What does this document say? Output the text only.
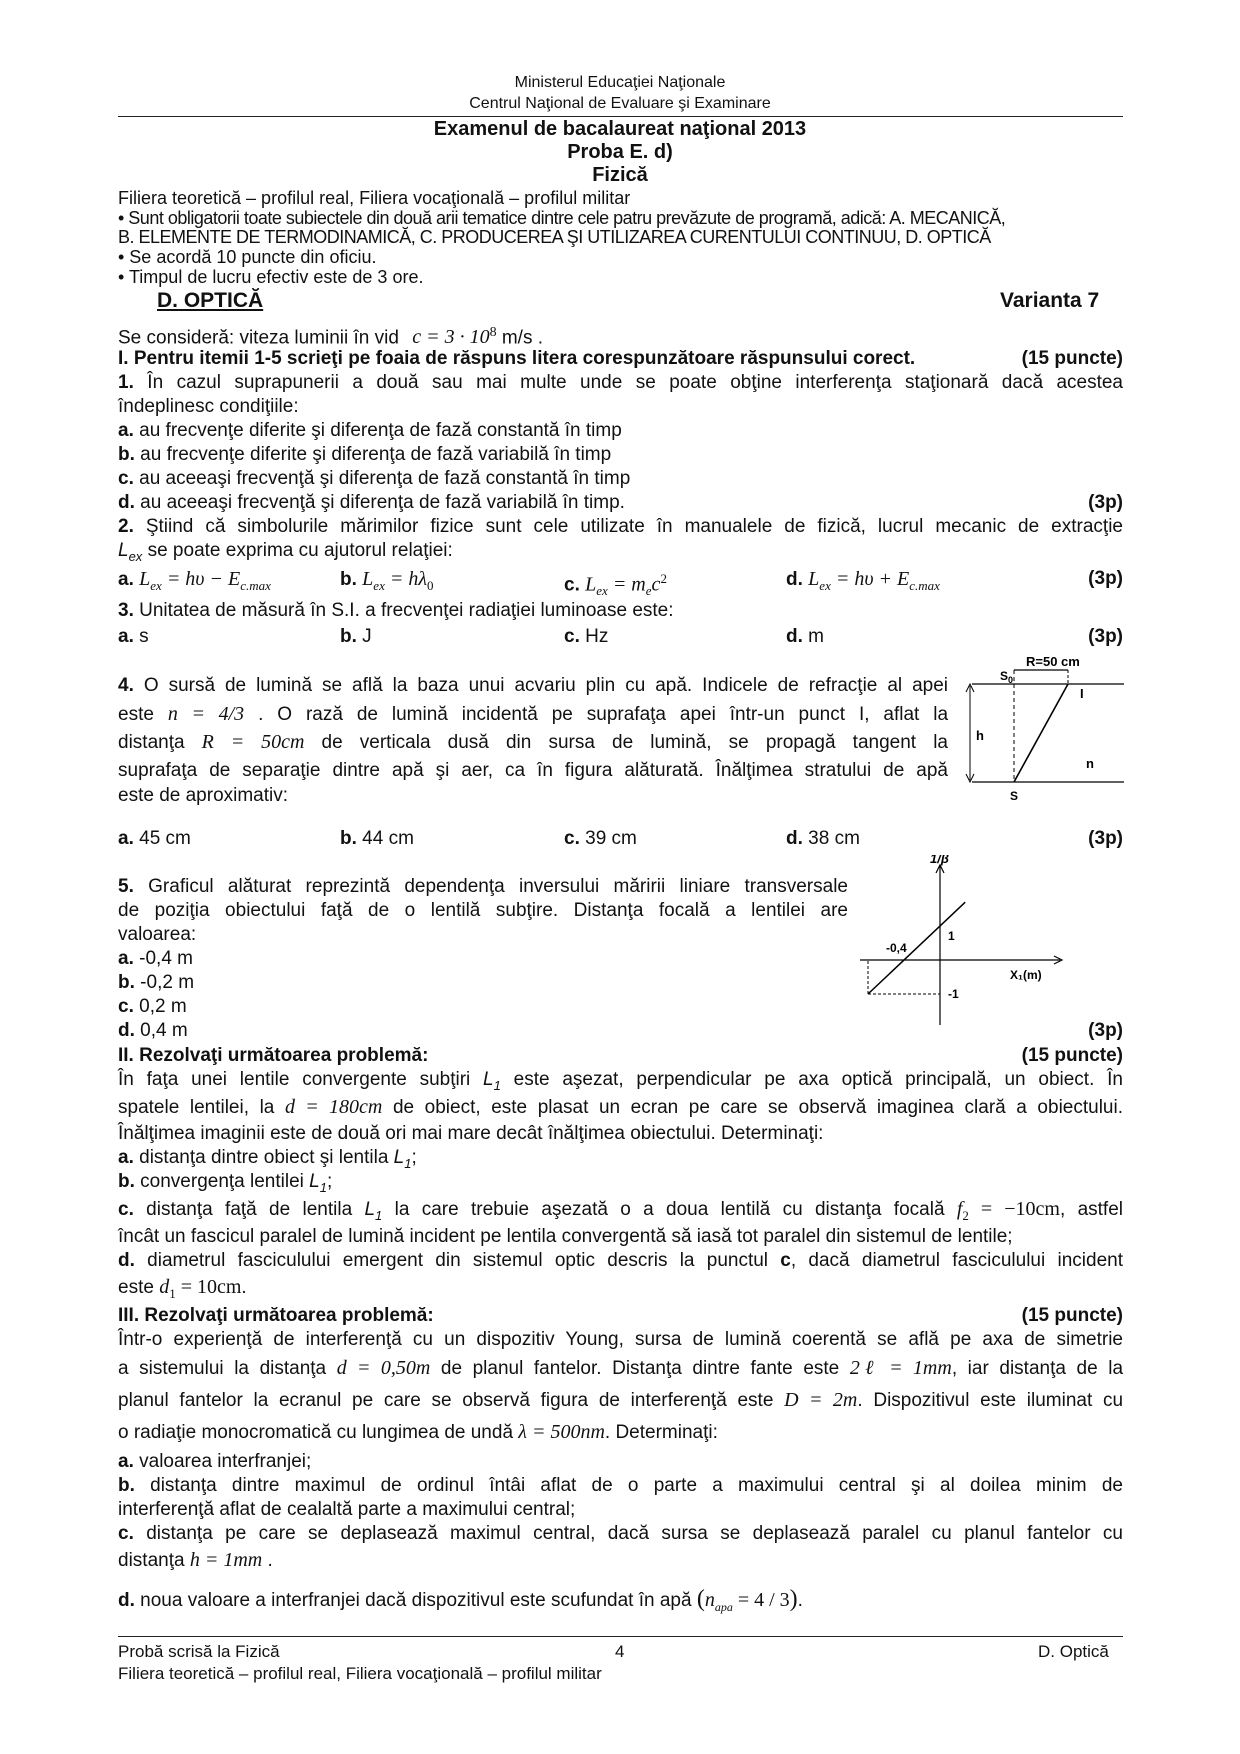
Ministerul Educaţiei Naţionale
Centrul Naţional de Evaluare şi Examinare
Examenul de bacalaureat naţional 2013
Proba E. d)
Fizică
Filiera teoretică – profilul real, Filiera vocaţională – profilul militar
• Sunt obligatorii toate subiectele din două arii tematice dintre cele patru prevăzute de programă, adică: A. MECANICĂ,
B. ELEMENTE DE TERMODINAMICĂ, C. PRODUCEREA ŞI UTILIZAREA CURENTULUI CONTINUU, D. OPTICĂ
• Se acordă 10 puncte din oficiu.
• Timpul de lucru efectiv este de 3 ore.
D. OPTICĂ	Varianta 7
Se consideră: viteza luminii în vid $c = 3 \cdot 10^8$ m/s .
I. Pentru itemii 1-5 scrieţi pe foaia de răspuns litera corespunzătoare răspunsului corect.	(15 puncte)
1. În cazul suprapunerii a două sau mai multe unde se poate obţine interferenţa staţionară dacă acestea
îndeplinesc condiţiile:
a. au frecvenţe diferite şi diferenţa de fază constantă în timp
b. au frecvenţe diferite şi diferenţa de fază variabilă în timp
c. au aceeaşi frecvenţă şi diferenţa de fază constantă în timp
d. au aceeaşi frecvenţă şi diferenţa de fază variabilă în timp.	(3p)
2. Ştiind că simbolurile mărimilor fizice sunt cele utilizate în manualele de fizică, lucrul mecanic de extracţie
$L_{ex}$ se poate exprima cu ajutorul relaţiei:
a. $L_{ex} = h\upsilon - E_{c.max}$	b. $L_{ex} = h\lambda_0$	c. $L_{ex} = m_ec^2$	d. $L_{ex} = h\upsilon + E_{c.max}$	(3p)
3. Unitatea de măsură în S.I. a frecvenţei radiaţiei luminoase este:
a. s	b. J	c. Hz	d. m	(3p)
4. O sursă de lumină se află la baza unui acvariu plin cu apă. Indicele de refracţie al apei
este n = 4/3 . O rază de lumină incidentă pe suprafaţa apei într-un punct I, aflat la
distanţa R = 50cm de verticala dusă din sursa de lumină, se propagă tangent la
suprafaţa de separaţie dintre apă şi aer, ca în figura alăturată. Înălţimea stratului de apă
este de aproximativ:
R=50 cm
$S_0$
I
h
n
S
a. 45 cm	b. 44 cm	c. 39 cm	d. 38 cm	(3p)
5. Graficul alăturat reprezintă dependenţa inversului măririi liniare transversale
de poziţia obiectului faţă de o lentilă subţire. Distanţa focală a lentilei are
valoarea:
a. -0,4 m
b. -0,2 m
c. 0,2 m
d. 0,4 m	(3p)
1/β
X₁(m)
-0,4
1
-1
II. Rezolvaţi următoarea problemă:	(15 puncte)
În faţa unei lentile convergente subţiri $L_1$ este aşezat, perpendicular pe axa optică principală, un obiect. În
spatele lentilei, la d = 180cm de obiect, este plasat un ecran pe care se observă imaginea clară a obiectului.
Înălţimea imaginii este de două ori mai mare decât înălţimea obiectului. Determinaţi:
a. distanţa dintre obiect şi lentila $L_1$;
b. convergenţa lentilei $L_1$;
c. distanţa faţă de lentila $L_1$ la care trebuie aşezată o a doua lentilă cu distanţa focală $f_2 = -10cm$, astfel
încât un fascicul paralel de lumină incident pe lentila convergentă să iasă tot paralel din sistemul de lentile;
d. diametrul fasciculului emergent din sistemul optic descris la punctul c, dacă diametrul fasciculului incident
este $d_1 = 10cm$.
III. Rezolvaţi următoarea problemă:	(15 puncte)
Într-o experienţă de interferenţă cu un dispozitiv Young, sursa de lumină coerentă se află pe axa de simetrie
a sistemului la distanţa d = 0,50m de planul fantelor. Distanţa dintre fante este 2ℓ = 1mm, iar distanţa de la
planul fantelor la ecranul pe care se observă figura de interferenţă este D = 2m. Dispozitivul este iluminat cu
o radiaţie monocromatică cu lungimea de undă λ = 500nm. Determinaţi:
a. valoarea interfranjei;
b. distanţa dintre maximul de ordinul întâi aflat de o parte a maximului central şi al doilea minim de
interferenţă aflat de cealaltă parte a maximului central;
c. distanţa pe care se deplasează maximul central, dacă sursa se deplasează paralel cu planul fantelor cu
distanţa h = 1mm .
d. noua valoare a interfranjei dacă dispozitivul este scufundat în apă $(n_{apa} = 4 / 3)$.
Probă scrisă la Fizică	4	D. Optică
Filiera teoretică – profilul real, Filiera vocaţională – profilul militar
